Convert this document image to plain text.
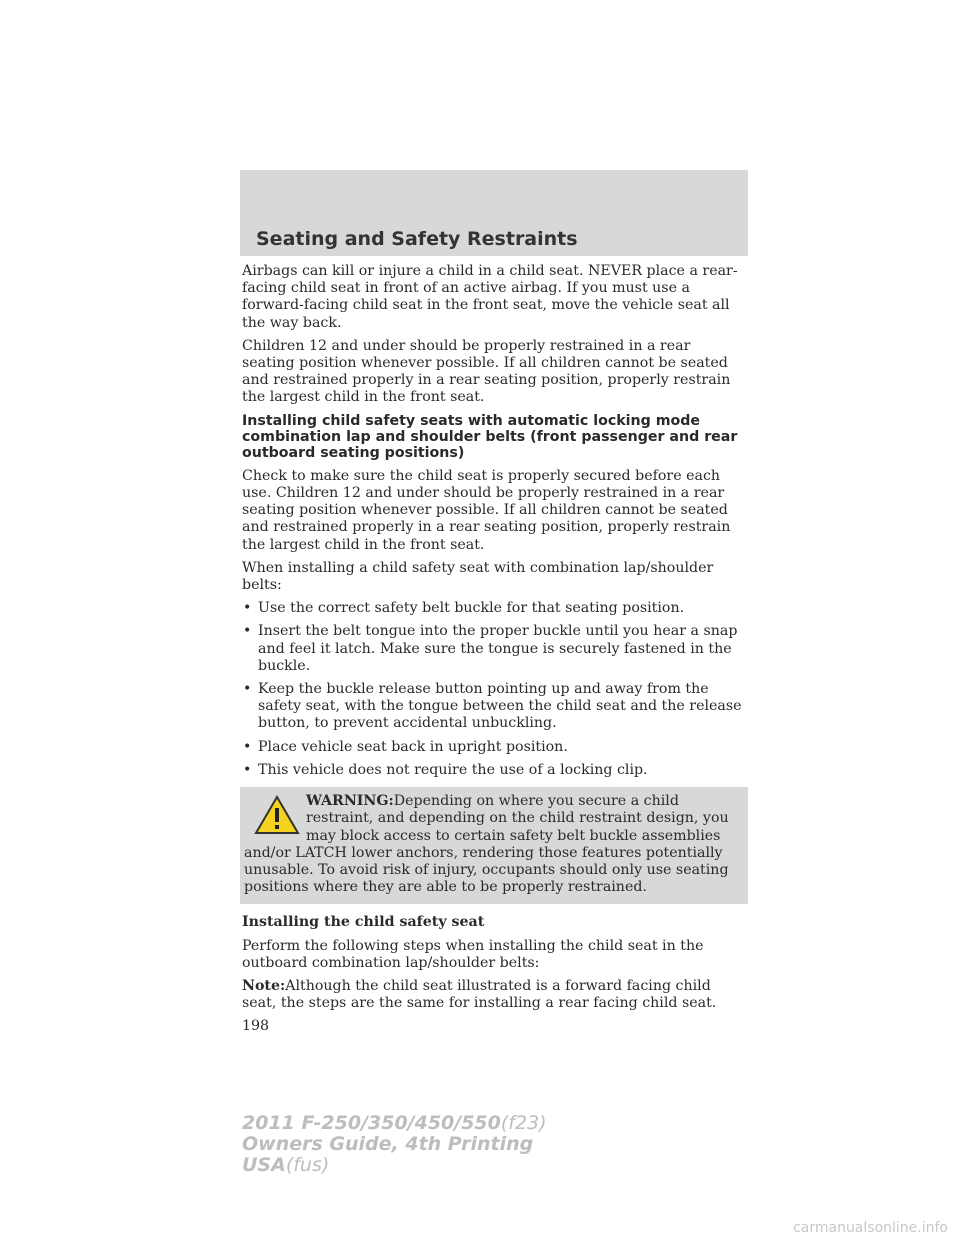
Seating and Safety Restraints

Airbags can kill or injure a child in a child seat. NEVER place a rear-facing child seat in front of an active airbag. If you must use a forward-facing child seat in the front seat, move the vehicle seat all the way back.

Children 12 and under should be properly restrained in a rear seating position whenever possible. If all children cannot be seated and restrained properly in a rear seating position, properly restrain the largest child in the front seat.

Installing child safety seats with automatic locking mode combination lap and shoulder belts (front passenger and rear outboard seating positions)

Check to make sure the child seat is properly secured before each use. Children 12 and under should be properly restrained in a rear seating position whenever possible. If all children cannot be seated and restrained properly in a rear seating position, properly restrain the largest child in the front seat.

When installing a child safety seat with combination lap/shoulder belts:

• Use the correct safety belt buckle for that seating position.
• Insert the belt tongue into the proper buckle until you hear a snap and feel it latch. Make sure the tongue is securely fastened in the buckle.
• Keep the buckle release button pointing up and away from the safety seat, with the tongue between the child seat and the release button, to prevent accidental unbuckling.
• Place vehicle seat back in upright position.
• This vehicle does not require the use of a locking clip.

WARNING:Depending on where you secure a child restraint, and depending on the child restraint design, you may block access to certain safety belt buckle assemblies and/or LATCH lower anchors, rendering those features potentially unusable. To avoid risk of injury, occupants should only use seating positions where they are able to be properly restrained.

Installing the child safety seat

Perform the following steps when installing the child seat in the outboard combination lap/shoulder belts:

Note:Although the child seat illustrated is a forward facing child seat, the steps are the same for installing a rear facing child seat.

198
2011 F-250/350/450/550(f23)
Owners Guide, 4th Printing
USA(fus)
carmanualsonline.info
